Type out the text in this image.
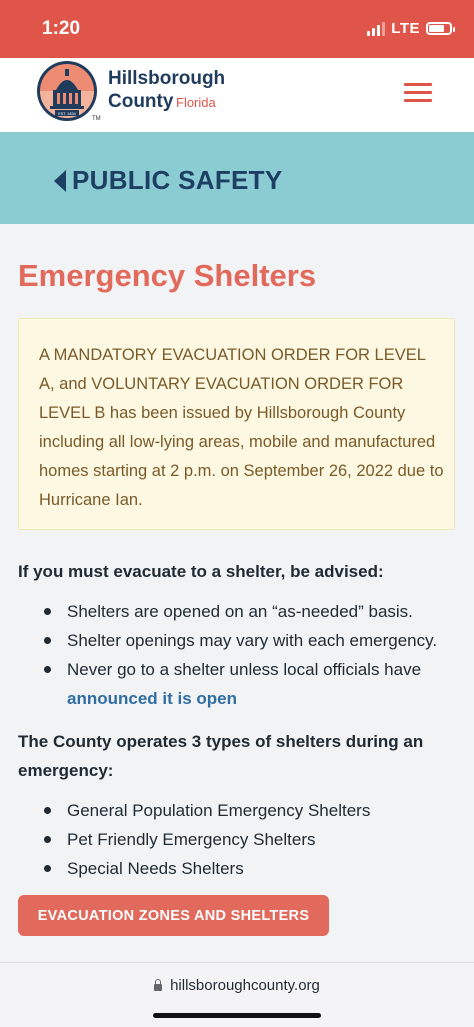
1:20	LTE
EST. 1834
TM
Hillsborough
County Florida
PUBLIC SAFETY
Emergency Shelters
A MANDATORY EVACUATION ORDER FOR LEVEL A, and VOLUNTARY EVACUATION ORDER FOR LEVEL B has been issued by Hillsborough County including all low-lying areas, mobile and manufactured homes starting at 2 p.m. on September 26, 2022 due to Hurricane Ian.

If you must evacuate to a shelter, be advised:

Shelters are opened on an “as-needed” basis.
Shelter openings may vary with each emergency.
Never go to a shelter unless local officials have
announced it is open

The County operates 3 types of shelters during an emergency:

General Population Emergency Shelters
Pet Friendly Emergency Shelters
Special Needs Shelters
EVACUATION ZONES AND SHELTERS
hillsboroughcounty.org
